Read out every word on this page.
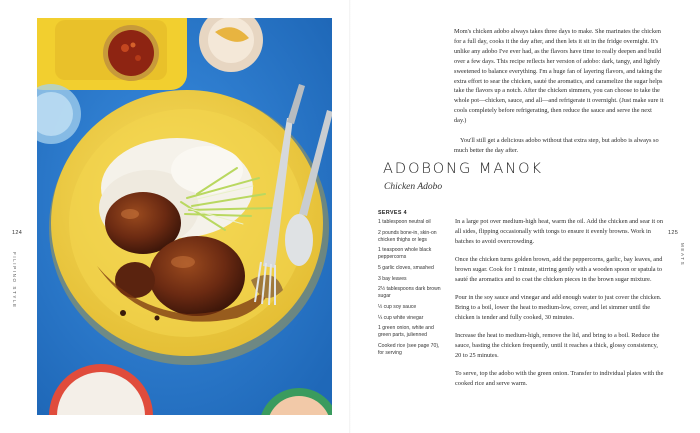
124
FILIPINO STYLE
125
MEATS

Mom's chicken adobo always takes three days to make. She marinates the chicken for a full day, cooks it the day after, and then lets it sit in the fridge overnight. It's unlike any adobo I've ever had, as the flavors have time to really deepen and build over a few days. This recipe reflects her version of adobo: dark, tangy, and lightly sweetened to balance everything. I'm a huge fan of layering flavors, and taking the extra effort to sear the chicken, sauté the aromatics, and caramelize the sugar helps take the flavors up a notch. After the chicken simmers, you can choose to take the whole pot—chicken, sauce, and all—and refrigerate it overnight. (Just make sure it cools completely before refrigerating, then reduce the sauce and serve the next day.)

You'll still get a delicious adobo without that extra step, but adobo is always so much better the day after.

ADOBONG MANOK
Chicken Adobo
SERVES 4
1 tablespoon neutral oil
2 pounds bone-in, skin-on chicken thighs or legs
1 teaspoon whole black peppercorns
5 garlic cloves, smashed
3 bay leaves
2½ tablespoons dark brown sugar
½ cup soy sauce
¼ cup white vinegar
1 green onion, white and green parts, julienned
Cooked rice (see page 70), for serving

In a large pot over medium-high heat, warm the oil. Add the chicken and sear it on all sides, flipping occasionally with tongs to ensure it evenly browns. Work in batches to avoid overcrowding.

Once the chicken turns golden brown, add the peppercorns, garlic, bay leaves, and brown sugar. Cook for 1 minute, stirring gently with a wooden spoon or spatula to sauté the aromatics and to coat the chicken pieces in the brown sugar mixture.

Pour in the soy sauce and vinegar and add enough water to just cover the chicken. Bring to a boil, lower the heat to medium-low, cover, and let simmer until the chicken is tender and fully cooked, 30 minutes.

Increase the heat to medium-high, remove the lid, and bring to a boil. Reduce the sauce, basting the chicken frequently, until it reaches a thick, glossy consistency, 20 to 25 minutes.

To serve, top the adobo with the green onion. Transfer to individual plates with the cooked rice and serve warm.
